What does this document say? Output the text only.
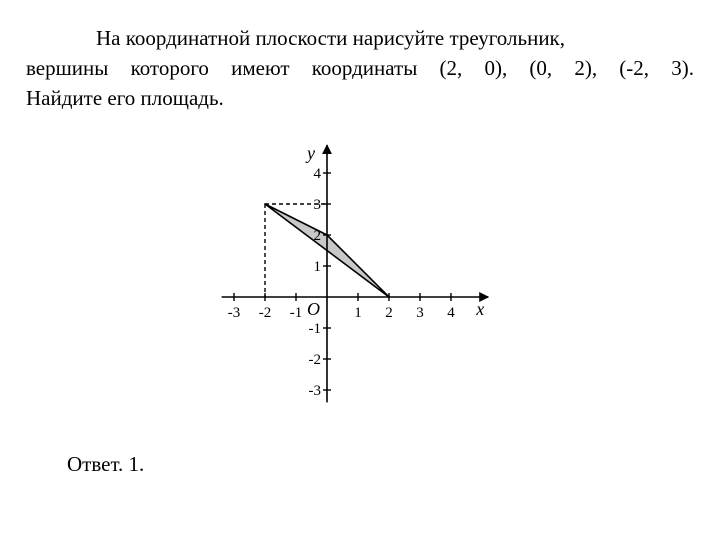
На координатной плоскости нарисуйте треугольник,
вершины которого имеют координаты (2, 0), (0, 2), (-2, 3).
Найдите его площадь.
-3 -2 -1	1 2 3 4
4
3
2
1
-1
-2
-3
x
y
O

Ответ. 1.
